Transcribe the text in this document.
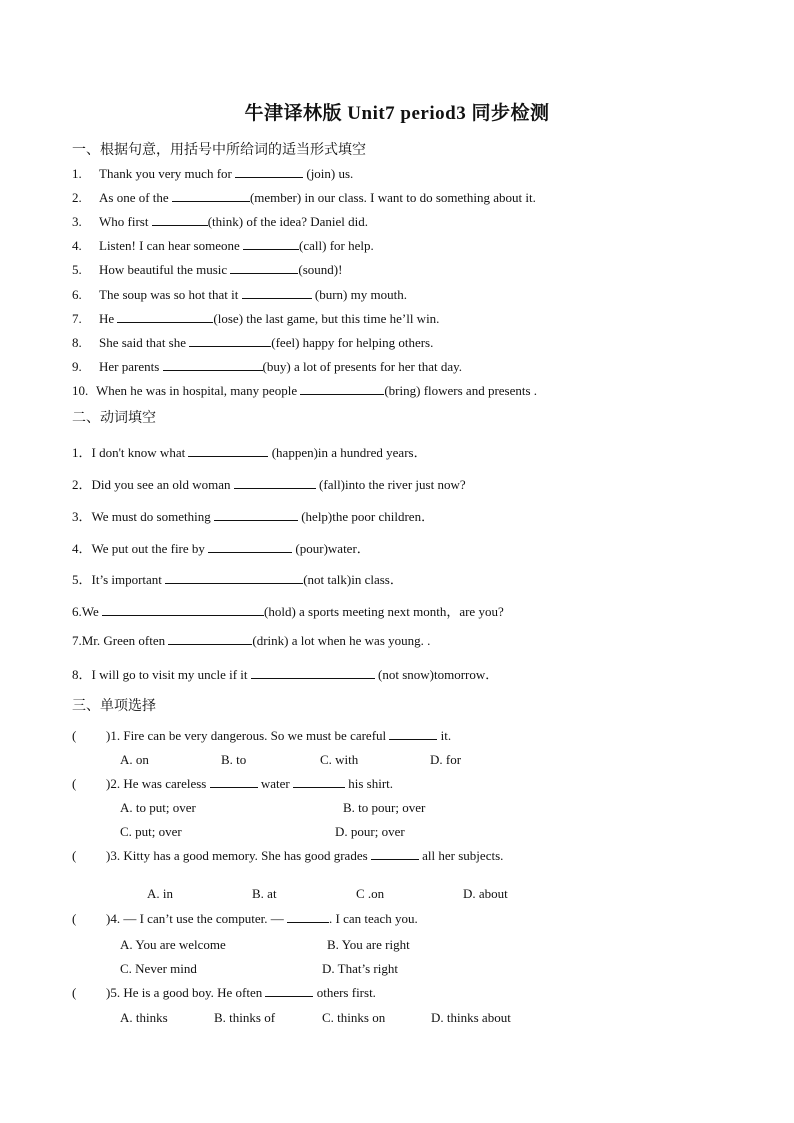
牛津译林版 Unit7 period3 同步检测
一、根据句意，用括号中所给词的适当形式填空
1. Thank you very much for	(join) us.
2. As one of the	(member) in our class. I want to do something about it.
3. Who first	(think) of the idea? Daniel did.
4. Listen! I can hear someone	(call) for help.
5. How beautiful the music	(sound)!
6. The soup was so hot that it	(burn) my mouth.
7. He	(lose) the last game, but this time he’ll win.
8. She said that she	(feel) happy for helping others.
9. Her parents	(buy) a lot of presents for her that day.
10. When he was in hospital, many people	(bring) flowers and presents .
二、动词填空
1．I don't know what	(happen)in a hundred years．
2．Did you see an old woman	(fall)into the river just now?
3．We must do something	(help)the poor children．
4．We put out the fire by	(pour)water．
5．It’s important	(not talk)in class．
6.We	(hold) a sports meeting next month，are you?
7.Mr. Green often	(drink) a lot when he was young. .
8．I will go to visit my uncle if it	(not snow)tomorrow．
三、单项选择
( )1. Fire can be very dangerous. So we must be careful	it.
A. on	B. to	C. with	D. for
( )2. He was careless	water	his shirt.
A. to put; over	B. to pour; over
C. put; over	D. pour; over
( )3. Kitty has a good memory. She has good grades	all her subjects.
A. in	B. at	C .on	D. about
( )4. — I can’t use the computer. —	. I can teach you.
A. You are welcome	B. You are right
C. Never mind	D. That’s right
( )5. He is a good boy. He often	others first.
A. thinks	B. thinks of	C. thinks on	D. thinks about
